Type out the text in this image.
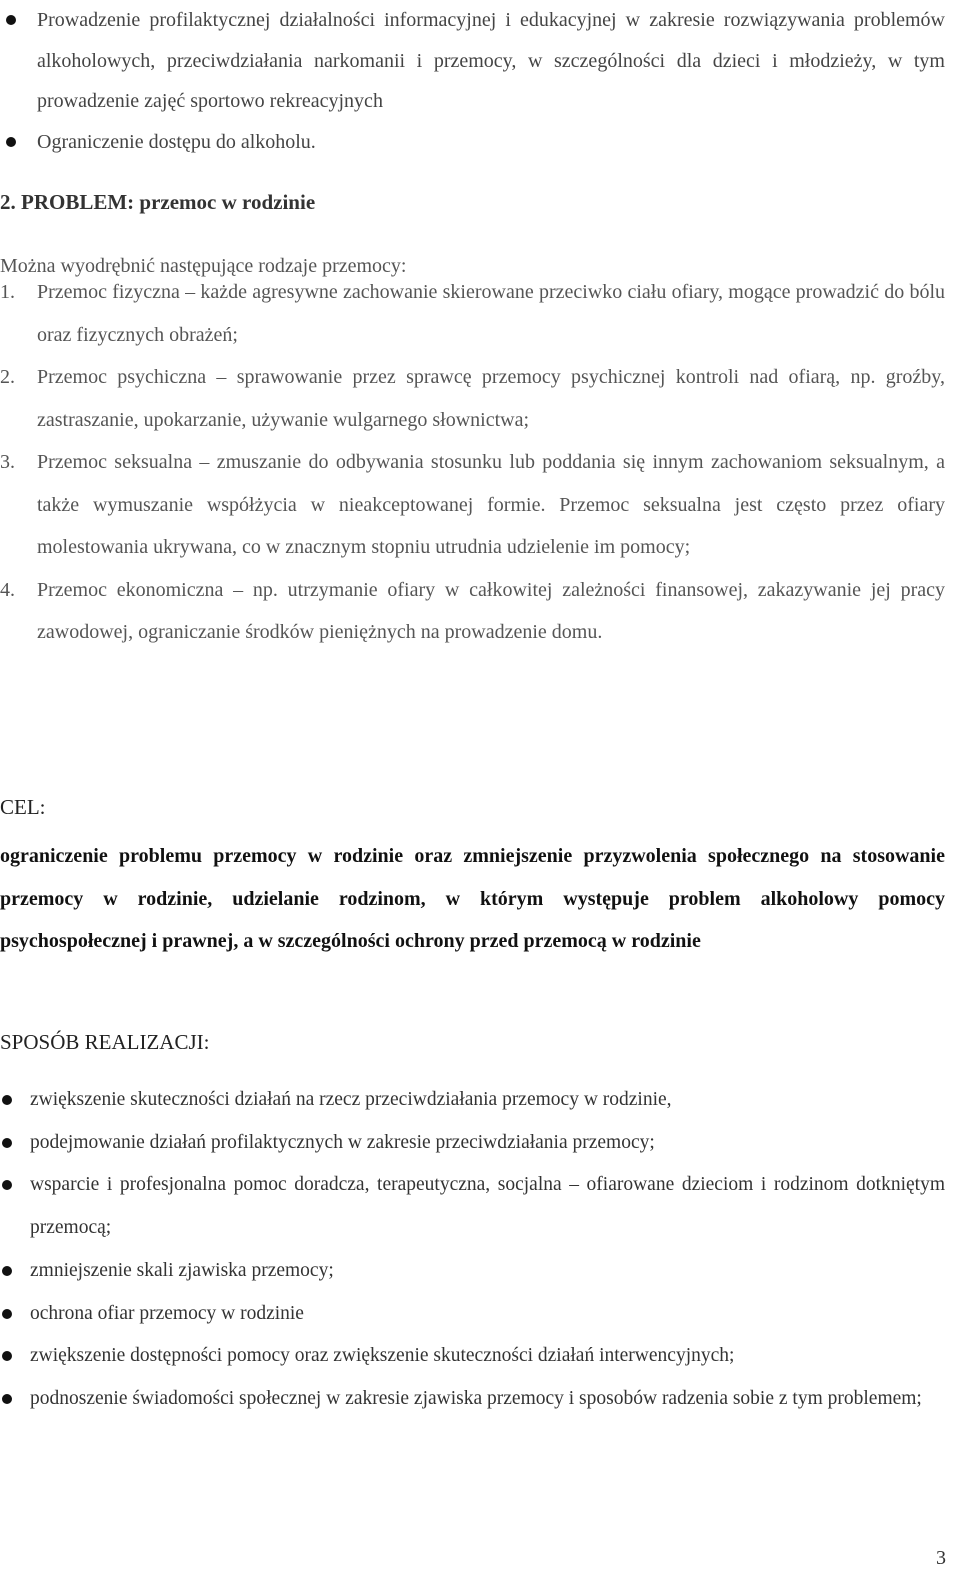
Prowadzenie profilaktycznej działalności informacyjnej i edukacyjnej w zakresie rozwiązywania problemów alkoholowych, przeciwdziałania narkomanii i przemocy, w szczególności dla dzieci i młodzieży, w tym prowadzenie zajęć sportowo rekreacyjnych
Ograniczenie dostępu do alkoholu.

2. PROBLEM: przemoc w rodzinie

Można wyodrębnić następujące rodzaje przemocy:

1. Przemoc fizyczna – każde agresywne zachowanie skierowane przeciwko ciału ofiary, mogące prowadzić do bólu oraz fizycznych obrażeń;
2. Przemoc psychiczna – sprawowanie przez sprawcę przemocy psychicznej kontroli nad ofiarą, np. groźby, zastraszanie, upokarzanie, używanie wulgarnego słownictwa;
3. Przemoc seksualna – zmuszanie do odbywania stosunku lub poddania się innym zachowaniom seksualnym, a także wymuszanie współżycia w nieakceptowanej formie. Przemoc seksualna jest często przez ofiary molestowania ukrywana, co w znacznym stopniu utrudnia udzielenie im pomocy;
4. Przemoc ekonomiczna – np. utrzymanie ofiary w całkowitej zależności finansowej, zakazywanie jej pracy zawodowej, ograniczanie środków pieniężnych na prowadzenie domu.

CEL:

ograniczenie problemu przemocy w rodzinie oraz zmniejszenie przyzwolenia społecznego na stosowanie przemocy w rodzinie, udzielanie rodzinom, w którym występuje problem alkoholowy pomocy psychospołecznej i prawnej, a w szczególności ochrony przed przemocą w rodzinie

SPOSÓB REALIZACJI:

zwiększenie skuteczności działań na rzecz przeciwdziałania przemocy w rodzinie,
podejmowanie działań profilaktycznych w zakresie przeciwdziałania przemocy;
wsparcie i profesjonalna pomoc doradcza, terapeutyczna, socjalna – ofiarowane dzieciom i rodzinom dotkniętym przemocą;
zmniejszenie skali zjawiska przemocy;
ochrona ofiar przemocy w rodzinie
zwiększenie dostępności pomocy oraz zwiększenie skuteczności działań interwencyjnych;
podnoszenie świadomości społecznej w zakresie zjawiska przemocy i sposobów radzenia sobie z tym problemem;

3
